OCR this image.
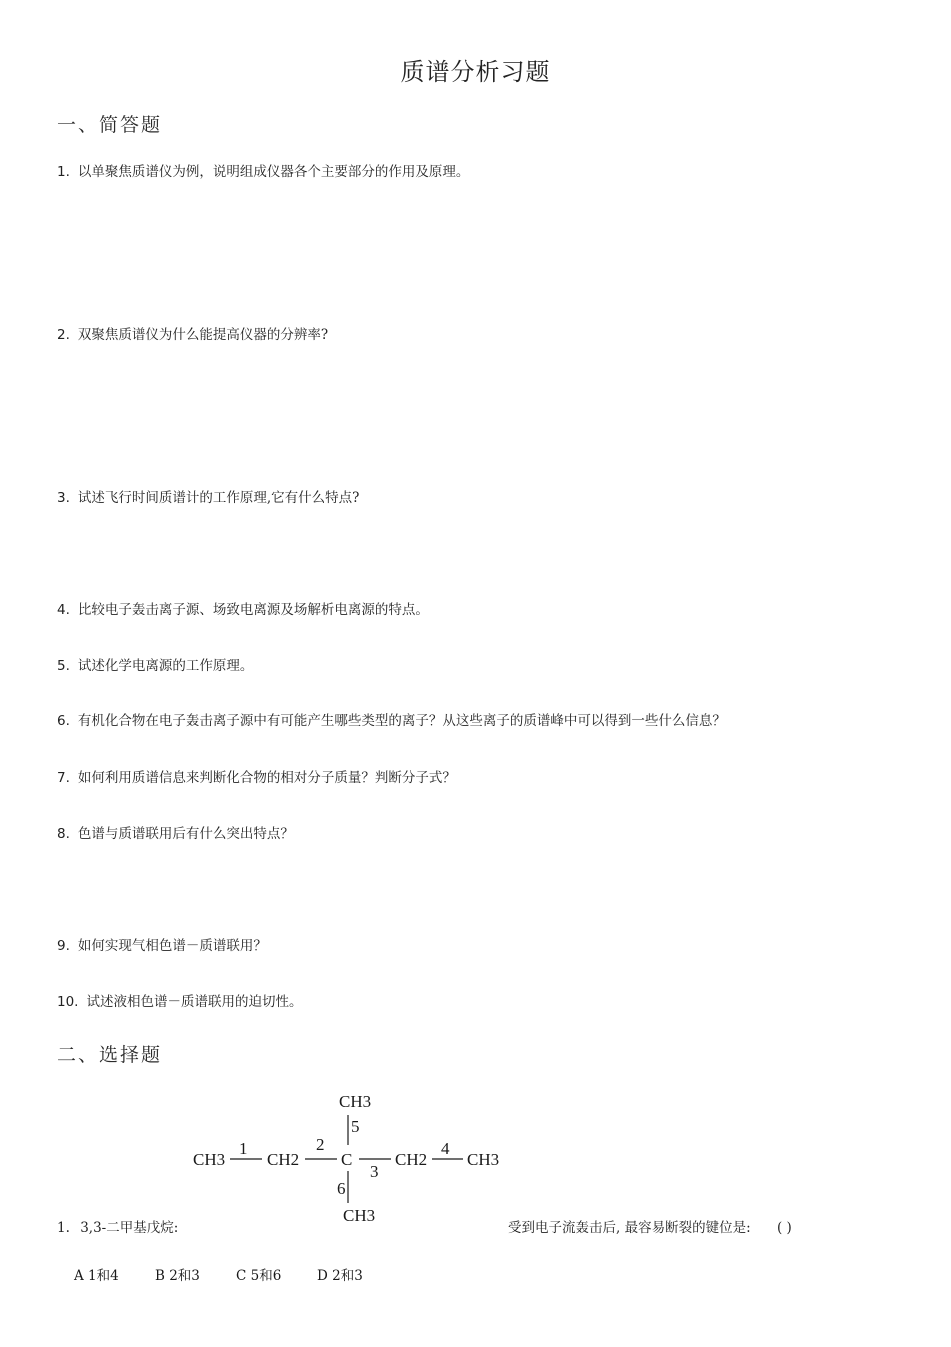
质谱分析习题
一、简答题
1. 以单聚焦质谱仪为例，说明组成仪器各个主要部分的作用及原理。
2. 双聚焦质谱仪为什么能提高仪器的分辨率?
3. 试述飞行时间质谱计的工作原理,它有什么特点?
4. 比较电子轰击离子源、场致电离源及场解析电离源的特点。
5. 试述化学电离源的工作原理。
6. 有机化合物在电子轰击离子源中有可能产生哪些类型的离子？从这些离子的质谱峰中可以得到一些什么信息？
7. 如何利用质谱信息来判断化合物的相对分子质量？判断分子式？
8. 色谱与质谱联用后有什么突出特点？
9. 如何实现气相色谱－质谱联用？
10. 试述液相色谱－质谱联用的迫切性。
二、选择题
CH3
CH3 CH2 C	CH2 CH3
CH3
1	2
3
4
5
6
1. 3,3-二甲基戊烷:	受到电子流轰击后, 最容易断裂的键位是: ( )
A 1和4	B 2和3	C 5和6	D 2和3
